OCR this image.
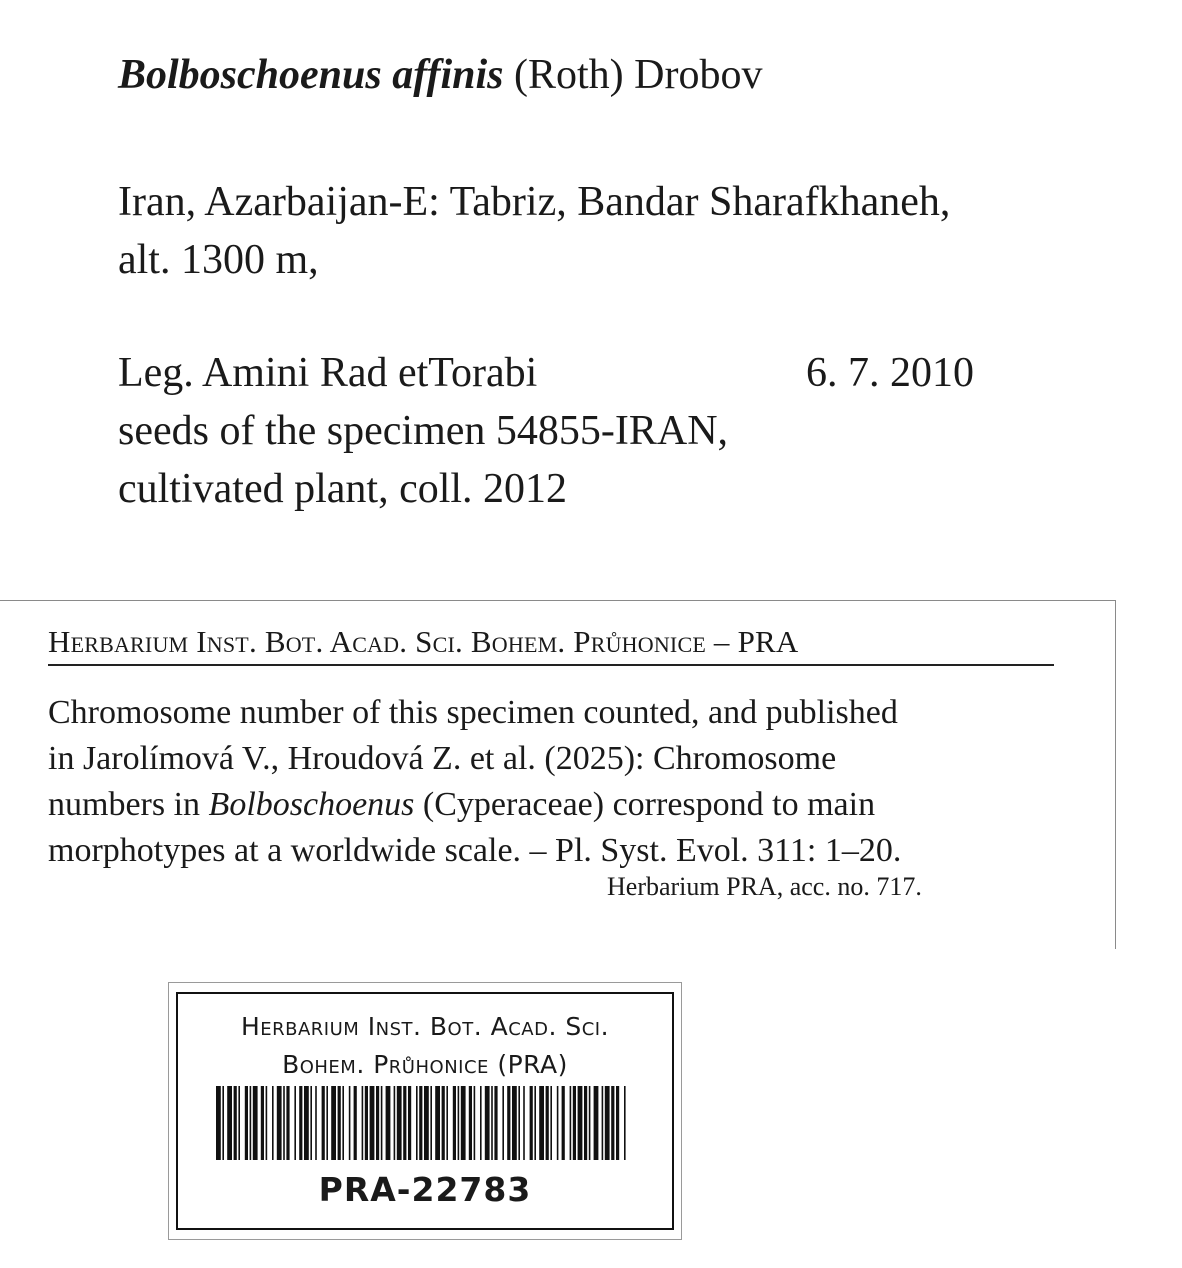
Bolboschoenus affinis (Roth) Drobov
Iran, Azarbaijan-E: Tabriz, Bandar Sharafkhaneh,
alt. 1300 m,
Leg. Amini Rad etTorabi	6. 7. 2010
seeds of the specimen 54855-IRAN,
cultivated plant, coll. 2012
Herbarium Inst. Bot. Acad. Sci. Bohem. Průhonice – PRA
Chromosome number of this specimen counted, and published
in Jarolímová V., Hroudová Z. et al. (2025): Chromosome
numbers in Bolboschoenus (Cyperaceae) correspond to main
morphotypes at a worldwide scale. – Pl. Syst. Evol. 311: 1–20.
Herbarium PRA, acc. no. 717.
Herbarium Inst. Bot. Acad. Sci.
Bohem. Průhonice (PRA)
PRA-22783
